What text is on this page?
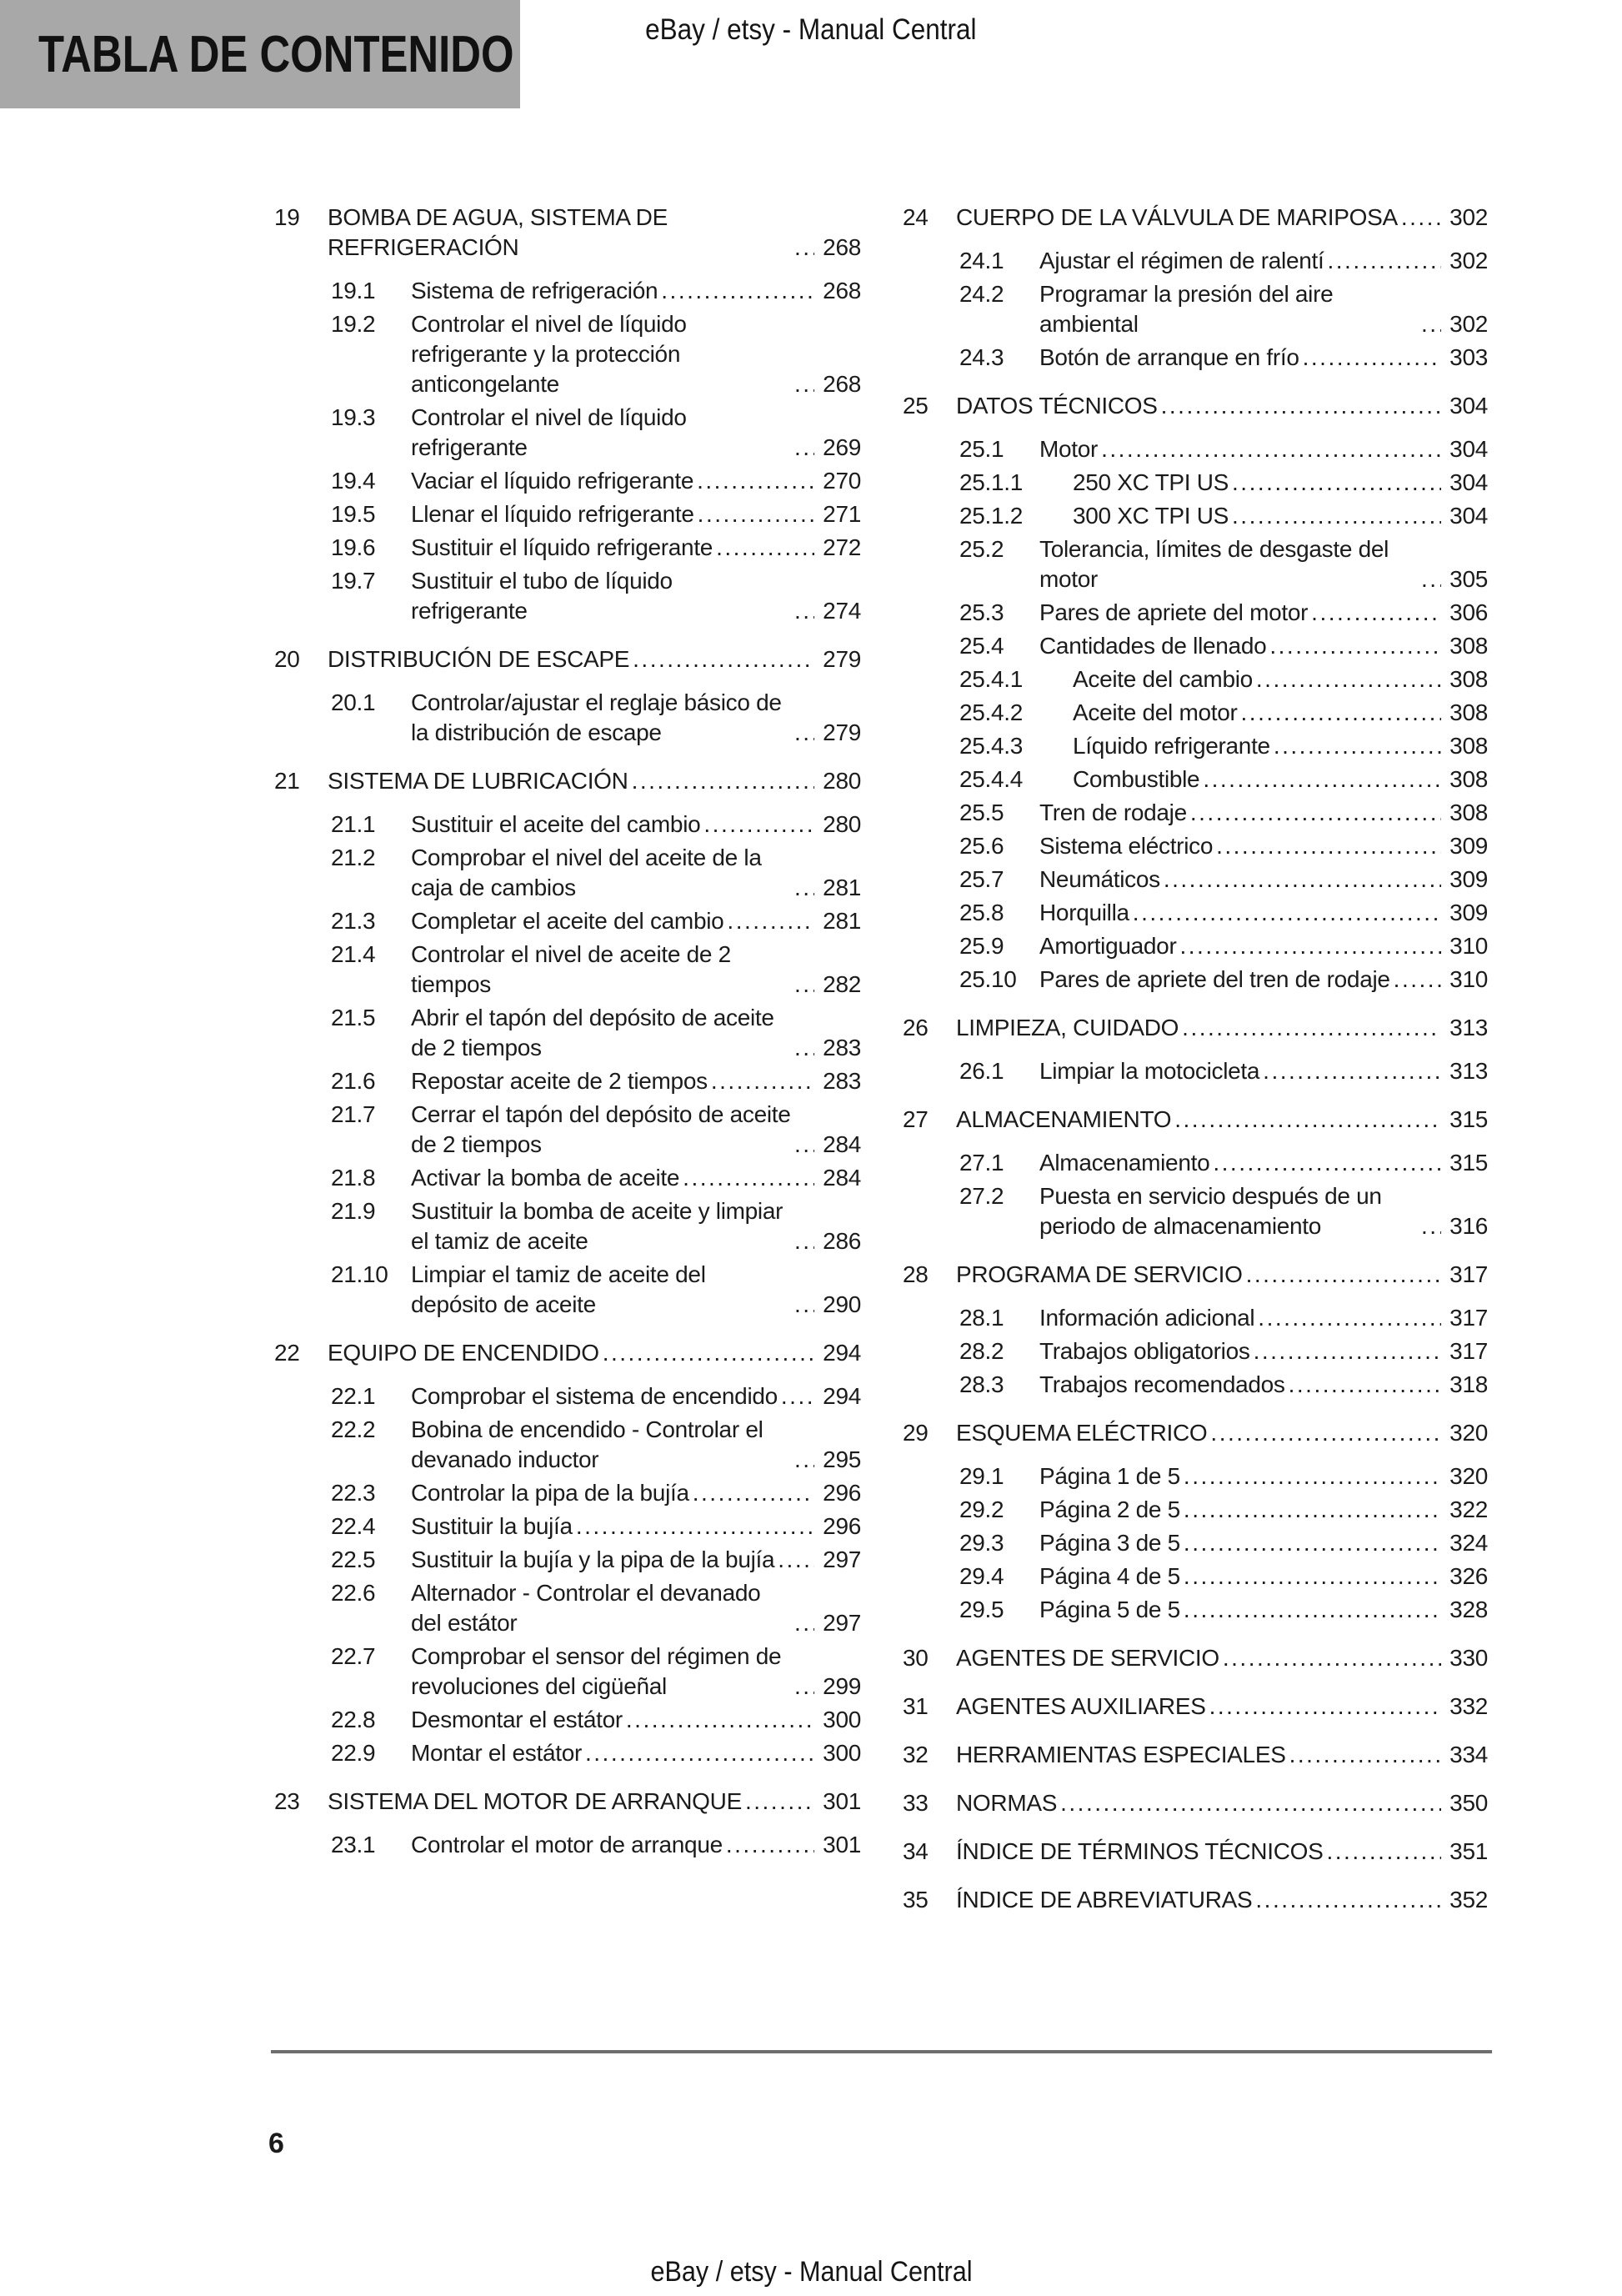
TABLA DE CONTENIDO	eBay / etsy - Manual Central
19	BOMBA DE AGUA, SISTEMA DE REFRIGERACIÓN .....	268
19.1	Sistema de refrigeración .....	268
19.2	Controlar el nivel de líquido refrigerante y la protección anticongelante .....	268
19.3	Controlar el nivel de líquido refrigerante .....	269
19.4	Vaciar el líquido refrigerante .....	270
19.5	Llenar el líquido refrigerante .....	271
19.6	Sustituir el líquido refrigerante .....	272
19.7	Sustituir el tubo de líquido refrigerante .....	274
20	DISTRIBUCIÓN DE ESCAPE .....	279
20.1	Controlar/ajustar el reglaje básico de la distribución de escape .....	279
21	SISTEMA DE LUBRICACIÓN .....	280
21.1	Sustituir el aceite del cambio .....	280
21.2	Comprobar el nivel del aceite de la caja de cambios .....	281
21.3	Completar el aceite del cambio .....	281
21.4	Controlar el nivel de aceite de 2 tiempos .....	282
21.5	Abrir el tapón del depósito de aceite de 2 tiempos .....	283
21.6	Repostar aceite de 2 tiempos .....	283
21.7	Cerrar el tapón del depósito de aceite de 2 tiempos .....	284
21.8	Activar la bomba de aceite .....	284
21.9	Sustituir la bomba de aceite y limpiar el tamiz de aceite .....	286
21.10 Limpiar el tamiz de aceite del depósito de aceite .....	290
22	EQUIPO DE ENCENDIDO .....	294
22.1	Comprobar el sistema de encendido ..... 294
22.2	Bobina de encendido - Controlar el devanado inductor .....	295
22.3	Controlar la pipa de la bujía .....	296
22.4	Sustituir la bujía .....	296
22.5	Sustituir la bujía y la pipa de la bujía ..... 297
22.6	Alternador - Controlar el devanado del estátor .....	297
22.7	Comprobar el sensor del régimen de revoluciones del cigüeñal .....	299
22.8	Desmontar el estátor .....	300
22.9	Montar el estátor .....	300
23	SISTEMA DEL MOTOR DE ARRANQUE .....	301
23.1	Controlar el motor de arranque .....	301
24	CUERPO DE LA VÁLVULA DE MARIPOSA ..... 302
24.1	Ajustar el régimen de ralentí .....	302
24.2	Programar la presión del aire ambiental .....	302
24.3	Botón de arranque en frío .....	303
25	DATOS TÉCNICOS .....	304
25.1	Motor .....	304
25.1.1	250 XC TPI US .....	304
25.1.2	300 XC TPI US .....	304
25.2	Tolerancia, límites de desgaste del motor .....	305
25.3	Pares de apriete del motor .....	306
25.4	Cantidades de llenado .....	308
25.4.1	Aceite del cambio .....	308
25.4.2	Aceite del motor .....	308
25.4.3	Líquido refrigerante .....	308
25.4.4	Combustible .....	308
25.5	Tren de rodaje .....	308
25.6	Sistema eléctrico .....	309
25.7	Neumáticos .....	309
25.8	Horquilla .....	309
25.9	Amortiguador .....	310
25.10 Pares de apriete del tren de rodaje .....	310
26	LIMPIEZA, CUIDADO .....	313
26.1	Limpiar la motocicleta .....	313
27	ALMACENAMIENTO .....	315
27.1	Almacenamiento .....	315
27.2	Puesta en servicio después de un periodo de almacenamiento .....	316
28	PROGRAMA DE SERVICIO .....	317
28.1	Información adicional .....	317
28.2	Trabajos obligatorios .....	317
28.3	Trabajos recomendados .....	318
29	ESQUEMA ELÉCTRICO .....	320
29.1	Página 1 de 5 .....	320
29.2	Página 2 de 5 .....	322
29.3	Página 3 de 5 .....	324
29.4	Página 4 de 5 .....	326
29.5	Página 5 de 5 .....	328
30	AGENTES DE SERVICIO .....	330
31	AGENTES AUXILIARES .....	332
32	HERRAMIENTAS ESPECIALES .....	334
33	NORMAS .....	350
34	ÍNDICE DE TÉRMINOS TÉCNICOS .....	351
35	ÍNDICE DE ABREVIATURAS .....	352
6
eBay / etsy - Manual Central
